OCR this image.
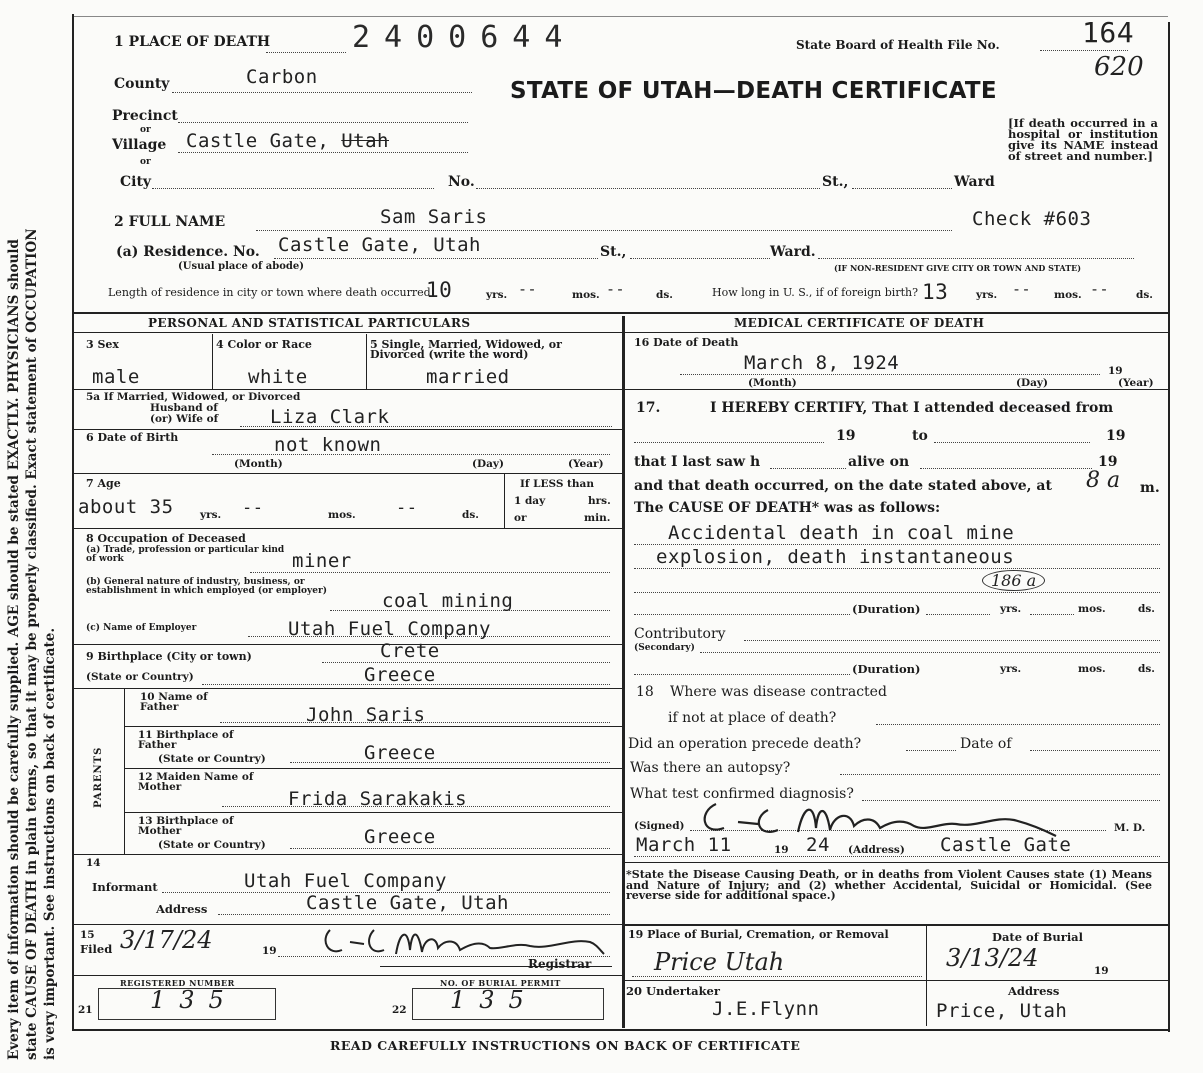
Every item of information should be carefully supplied. AGE should be stated EXACTLY. PHYSICIANS should state CAUSE OF DEATH in plain terms, so that it may be properly classified. Exact statement of OCCUPATION is very important. See instructions on back of certificate.
1 PLACE OF DEATH	2400644	State Board of Health File No.	164
620
STATE OF UTAH—DEATH CERTIFICATE
County	Carbon
Precinct
or
Village Castle Gate, Utah
or
City	No.	St.,	Ward
[If death occurred in a hospital or institution give its NAME instead of street and number.]
2 FULL NAME	Sam Saris	Check #603
(a) Residence. No. Castle Gate, Utah	St.,	Ward.
(Usual place of abode)	(IF NON-RESIDENT GIVE CITY OR TOWN AND STATE)
Length of residence in city or town where death occurred
10	yrs. --	mos. --	ds.	How long in U. S., if of foreign birth? 13	yrs. -- mos. --	ds.
PERSONAL AND STATISTICAL PARTICULARS
3 Sex	4 Color or Race	5 Single, Married, Widowed, or Divorced (write the word)
male	white	married
5a If Married, Widowed, or Divorced
Husband of
(or) Wife of	Liza Clark
6 Date of Birth	not known
(Month)	(Day)	(Year)
7 Age
about 35	yrs. --	mos. --	ds.
If LESS than
1 day	hrs.
or	min.
8 Occupation of Deceased
(a) Trade, profession or particular kind of work	miner
(b) General nature of industry, business, or establishment in which employed (or employer)	coal mining
(c) Name of Employer	Utah Fuel Company
9 Birthplace (City or town)	Crete
(State or Country)	Greece
PARENTS
10 Name of Father	John Saris
11 Birthplace of Father
(State or Country)	Greece
12 Maiden Name of Mother
Frida Sarakakis
13 Birthplace of Mother
(State or Country)	Greece
14
Informant	Utah Fuel Company
Address	Castle Gate, Utah
15
Filed 3/17/24	19
Registrar
REGISTERED NUMBER	NO. OF BURIAL PERMIT
21 135	22 135
MEDICAL CERTIFICATE OF DEATH
16 Date of Death
March 8, 1924	19
(Month)	(Day)	(Year)
17.	I HEREBY CERTIFY, That I attended deceased from
19	to	19
that I last saw h	alive on	19
and that death occurred, on the date stated above, at 8 a m.
The CAUSE OF DEATH* was as follows:
Accidental death in coal mine
explosion, death instantaneous
186 a
(Duration)	yrs.	mos.	ds.
Contributory
(Secondary)
(Duration)	yrs.	mos.	ds.
18 Where was disease contracted
if not at place of death?
Did an operation precede death?	Date of
Was there an autopsy?
What test confirmed diagnosis?
(Signed)	M. D.
March 11	19 24 (Address) Castle Gate
*State the Disease Causing Death, or in deaths from Violent Causes state (1) Means and Nature of Injury; and (2) whether Accidental, Suicidal or Homicidal. (See reverse side for additional space.)
19 Place of Burial, Cremation, or Removal
Price Utah
Date of Burial
3/13/24	19
20 Undertaker
J.E.Flynn
Address
Price, Utah
READ CAREFULLY INSTRUCTIONS ON BACK OF CERTIFICATE
